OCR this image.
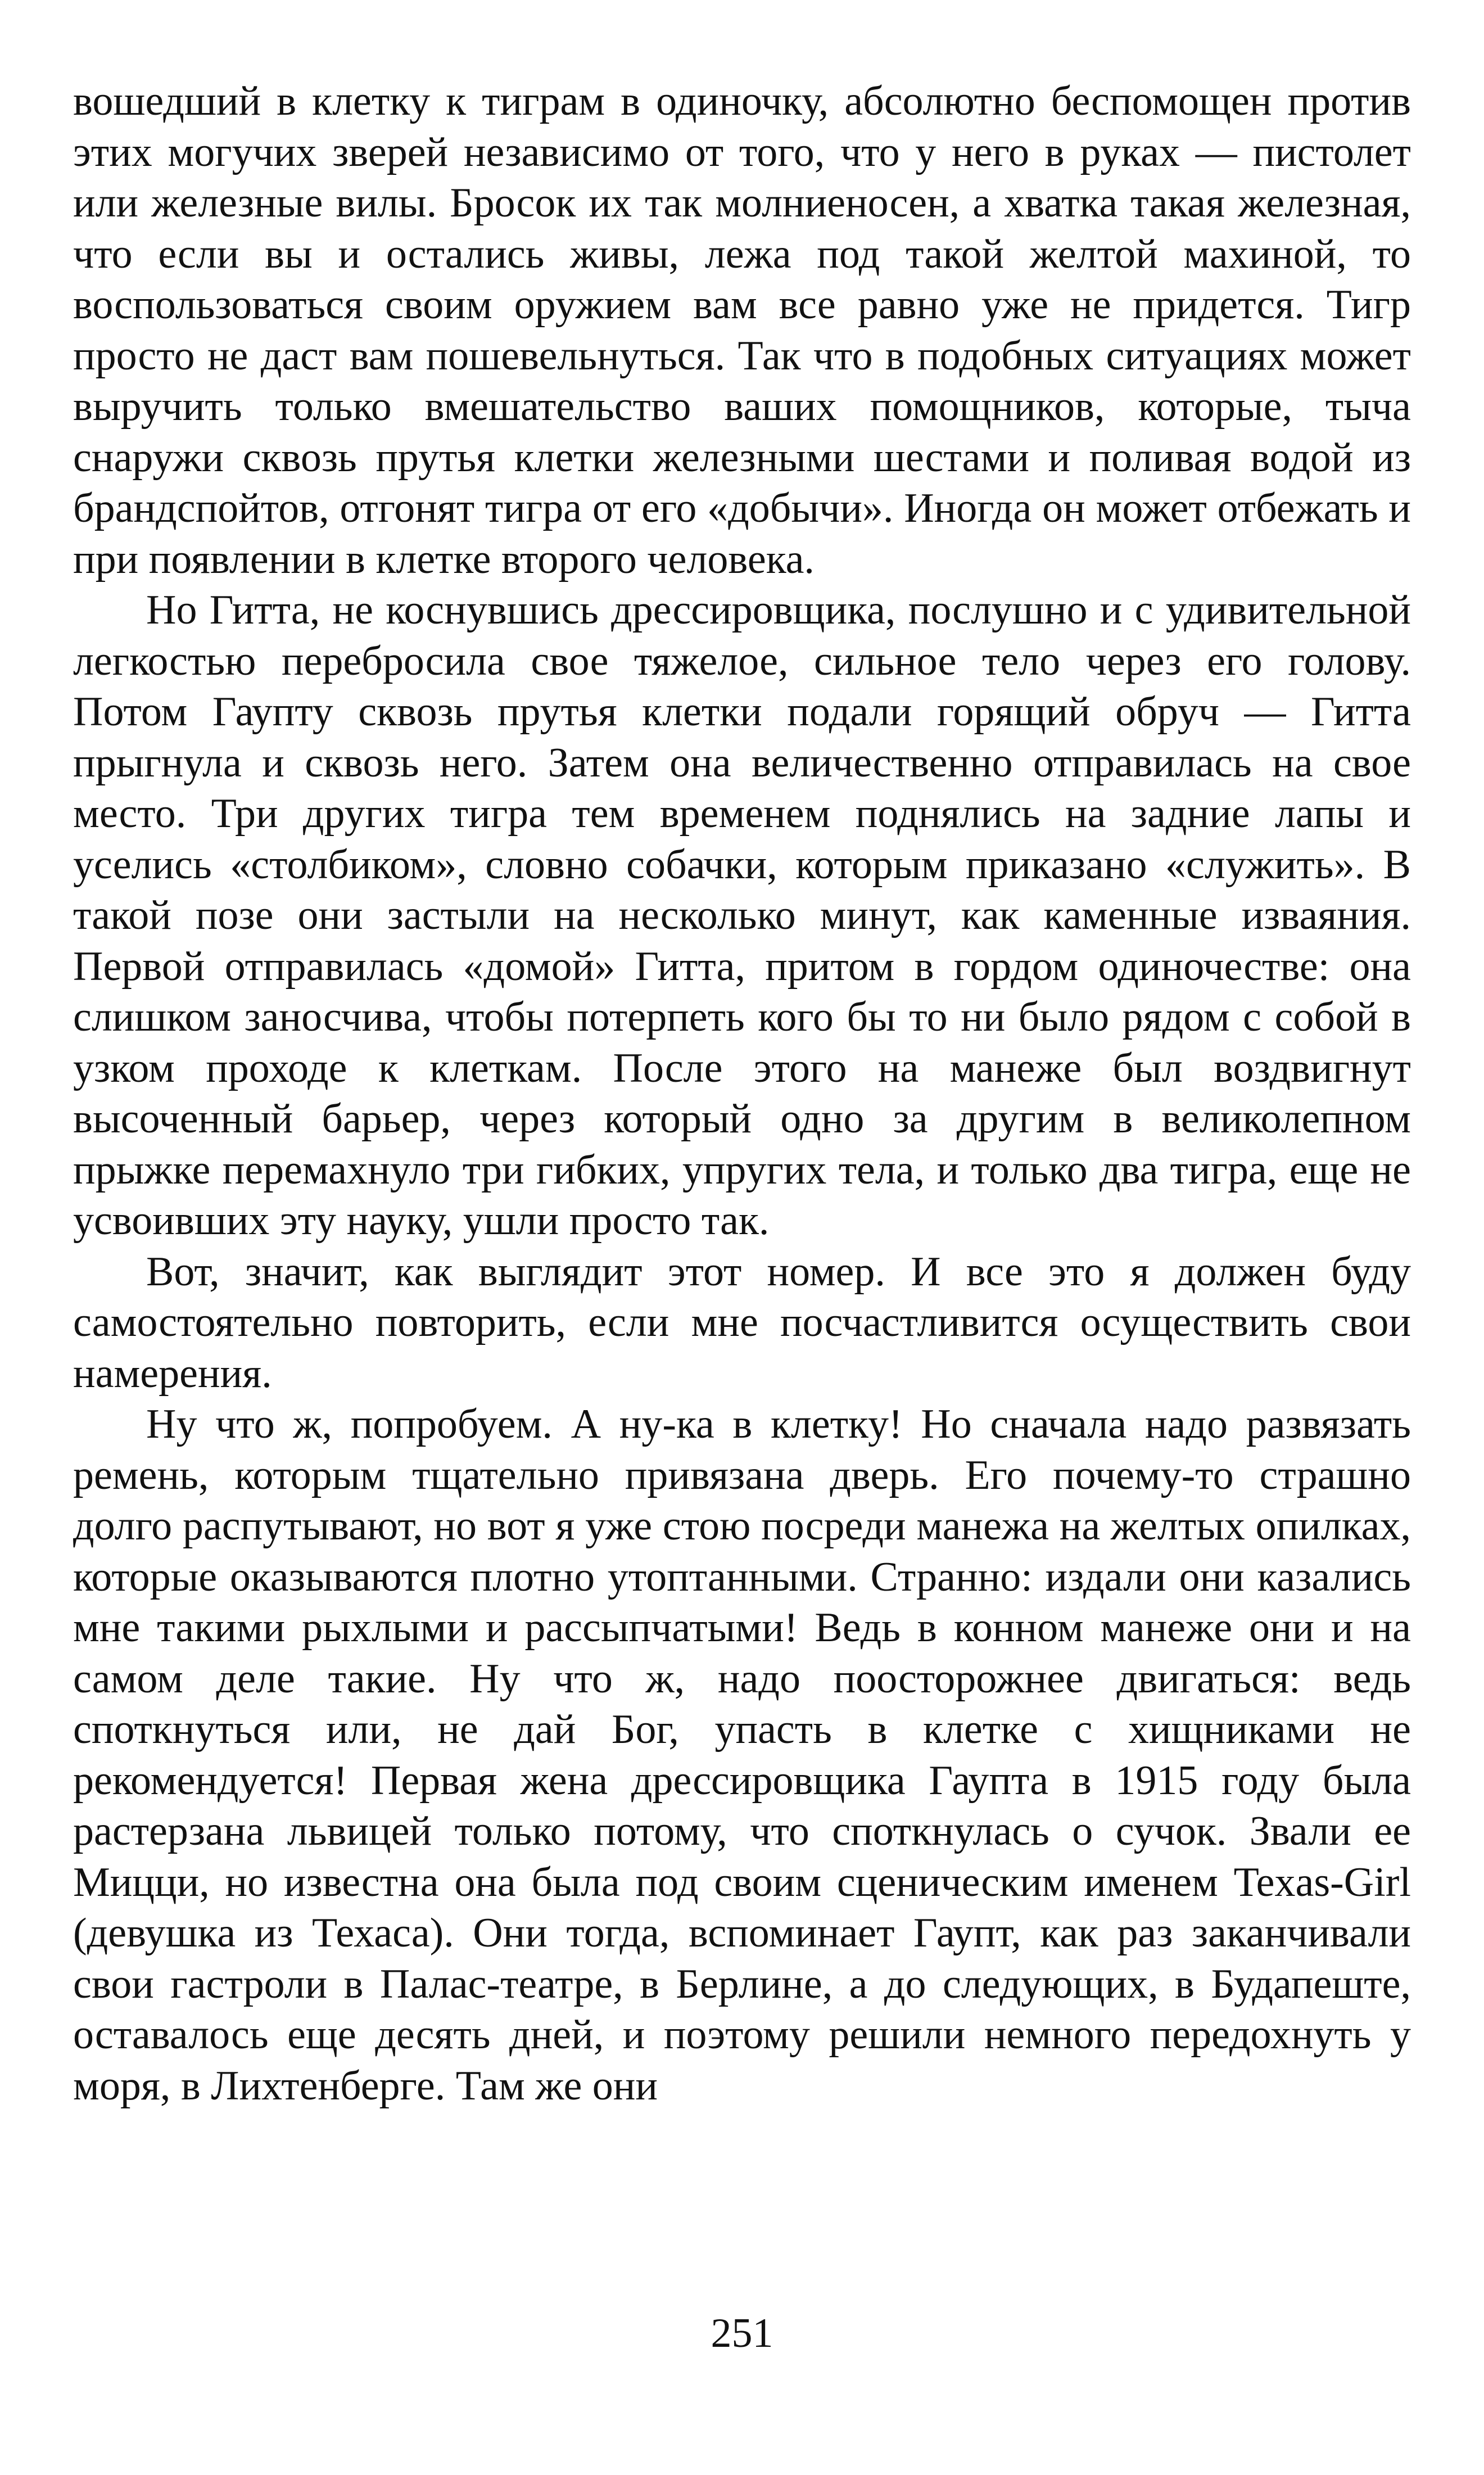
вошедший в клетку к тиграм в одиночку, абсолютно беспомощен против этих могучих зверей независимо от того, что у него в руках — пистолет или железные вилы. Бросок их так молниеносен, а хватка такая железная, что если вы и остались живы, лежа под такой желтой махиной, то воспользоваться своим оружием вам все равно уже не придется. Тигр просто не даст вам пошевельнуться. Так что в подобных ситуациях может выручить только вмешательство ваших помощников, которые, тыча снаружи сквозь прутья клетки железными шестами и поливая водой из брандспойтов, отгонят тигра от его «добычи». Иногда он может отбежать и при появлении в клетке второго человека.

Но Гитта, не коснувшись дрессировщика, послушно и с удивительной легкостью перебросила свое тяжелое, сильное тело через его голову. Потом Гаупту сквозь прутья клетки подали горящий обруч — Гитта прыгнула и сквозь него. Затем она величественно отправилась на свое место. Три других тигра тем временем поднялись на задние лапы и уселись «столбиком», словно собачки, которым приказано «служить». В такой позе они застыли на несколько минут, как каменные изваяния. Первой отправилась «домой» Гитта, притом в гордом одиночестве: она слишком заносчива, чтобы потерпеть кого бы то ни было рядом с собой в узком проходе к клеткам. После этого на манеже был воздвигнут высоченный барьер, через который одно за другим в великолепном прыжке перемахнуло три гибких, упругих тела, и только два тигра, еще не усвоивших эту науку, ушли просто так.

Вот, значит, как выглядит этот номер. И все это я должен буду самостоятельно повторить, если мне посчастливится осуществить свои намерения.

Ну что ж, попробуем. А ну-ка в клетку! Но сначала надо развязать ремень, которым тщательно привязана дверь. Его почему-то страшно долго распутывают, но вот я уже стою посреди манежа на желтых опилках, которые оказываются плотно утоптанными. Странно: издали они казались мне такими рыхлыми и рассыпчатыми! Ведь в конном манеже они и на самом деле такие. Ну что ж, надо поосторожнее двигаться: ведь споткнуться или, не дай Бог, упасть в клетке с хищниками не рекомендуется! Первая жена дрессировщика Гаупта в 1915 году была растерзана львицей только потому, что споткнулась о сучок. Звали ее Мицци, но известна она была под своим сценическим именем Texas-Girl (девушка из Техаса). Они тогда, вспоминает Гаупт, как раз заканчивали свои гастроли в Палас-театре, в Берлине, а до следующих, в Будапеште, оставалось еще десять дней, и поэтому решили немного передохнуть у моря, в Лихтенберге. Там же они

251
